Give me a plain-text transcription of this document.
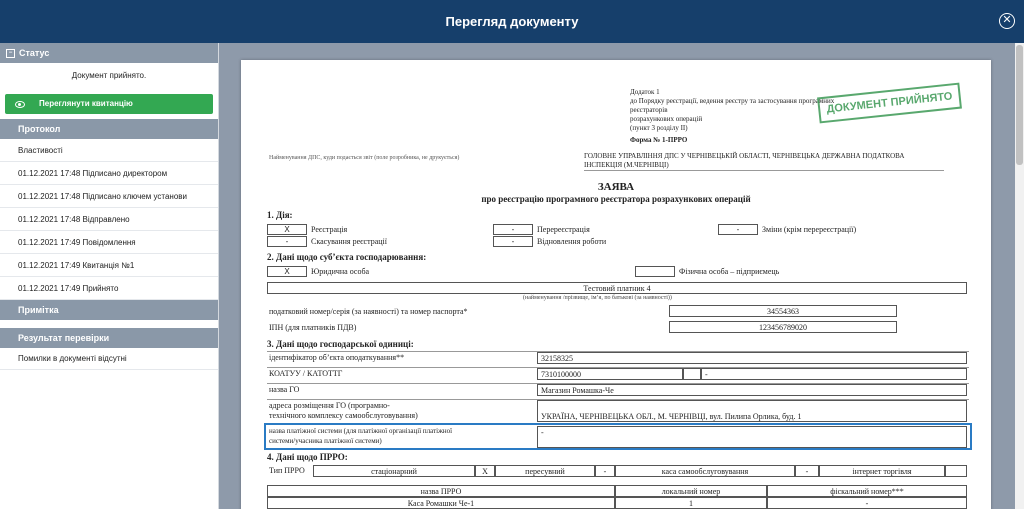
Перегляд документу	✕
− Статус
Документ прийнято.
Переглянути квитанцію
Протокол
Властивості
01.12.2021 17:48 Підписано директором
01.12.2021 17:48 Підписано ключем установи
01.12.2021 17:48 Відправлено
01.12.2021 17:49 Повідомлення
01.12.2021 17:49 Квитанція №1
01.12.2021 17:49 Прийнято
Примітка
Результат перевірки
Помилки в документі відсутні
Додаток 1
до Порядку реєстрації, ведення реєстру та застосування програмних реєстраторів
розрахункових операцій
(пункт 3 розділу ІІ)
Форма № 1-ПРРО
ДОКУМЕНТ ПРИЙНЯТО
Найменування ДПС, куди подається звіт (поле розробника, не друкується)	ГОЛОВНЕ УПРАВЛІННЯ ДПС У ЧЕРНІВЕЦЬКІЙ ОБЛАСТІ, ЧЕРНІВЕЦЬКА ДЕРЖАВНА ПОДАТКОВА ІНСПЕКЦІЯ (М.ЧЕРНІВЦІ)
ЗАЯВА
про реєстрацію програмного реєстратора розрахункових операцій
1. Дія:
X	Реєстрація	-	Перереєстрація	-	Зміни (крім перереєстрації)
-	Скасування реєстрації	-	Відновлення роботи
2. Дані щодо суб’єкта господарювання:
X	Юридична особа	Фізична особа – підприємець
Тестовий платник 4
(найменування /прізвище, ім’я, по батькові (за наявності))
податковий номер/серія (за наявності) та номер паспорта*	34554363
ІПН (для платників ПДВ)	123456789020
3. Дані щодо господарської одиниці:
ідентифікатор об’єкта оподаткування**	32158325
КОАТУУ / КАТОТТГ	7310100000	-
назва ГО	Магазин Ромашка-Че
адреса розміщення ГО (програмно-
технічного комплексу самообслуговування)	УКРАЇНА, ЧЕРНІВЕЦЬКА ОБЛ., М. ЧЕРНІВЦІ, вул. Пилипа Орлика, буд. 1
назва платіжної системи (для платіжної організації платіжної
системи/учасника платіжної системи)
-
4. Дані щодо ПРРО:
Тип ПРРО	стаціонарний	X	пересувний	-	каса самообслуговування	-	інтернет торгівля
назва ПРРО	локальний номер	фіскальний номер***
Каса Ромашки Че-1	1	-
